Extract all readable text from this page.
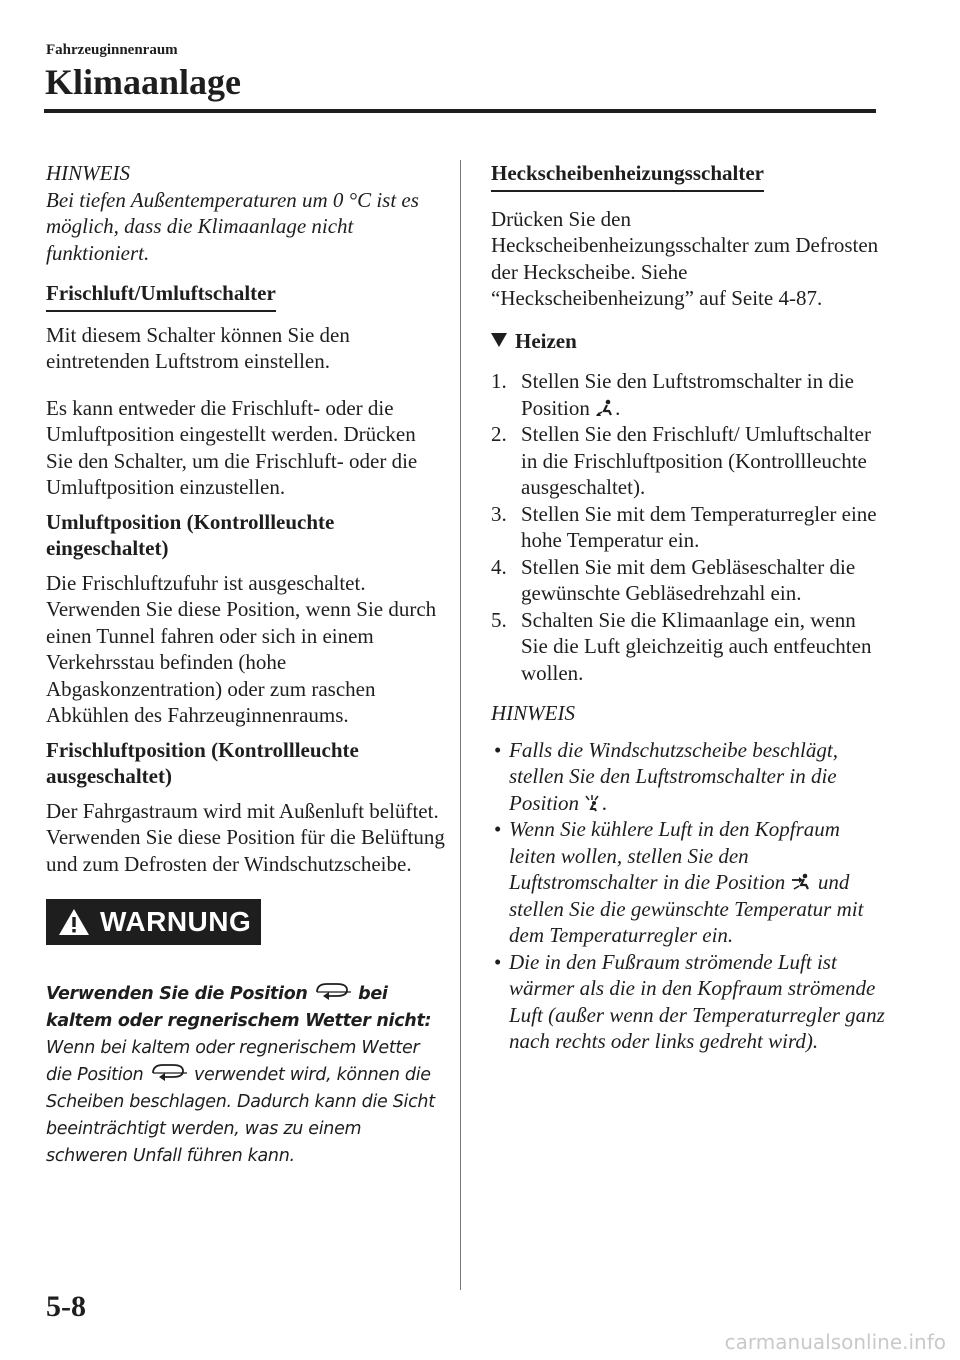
Fahrzeuginnenraum
Klimaanlage

HINWEIS

Bei tiefen Außentemperaturen um 0 °C ist es möglich, dass die Klimaanlage nicht funktioniert.

Frischluft/Umluftschalter

Mit diesem Schalter können Sie den eintretenden Luftstrom einstellen.

Es kann entweder die Frischluft- oder die Umluftposition eingestellt werden. Drücken Sie den Schalter, um die Frischluft- oder die Umluftposition einzustellen.

Umluftposition (Kontrollleuchte eingeschaltet)

Die Frischluftzufuhr ist ausgeschaltet. Verwenden Sie diese Position, wenn Sie durch einen Tunnel fahren oder sich in einem Verkehrsstau befinden (hohe Abgaskonzentration) oder zum raschen Abkühlen des Fahrzeuginnenraums.

Frischluftposition (Kontrollleuchte ausgeschaltet)

Der Fahrgastraum wird mit Außenluft belüftet. Verwenden Sie diese Position für die Belüftung und zum Defrosten der Windschutzscheibe.

WARNUNG
Verwenden Sie die Position	bei kaltem oder regnerischem Wetter nicht:
Wenn bei kaltem oder regnerischem Wetter die Position	verwendet wird, können die Scheiben beschlagen. Dadurch kann die Sicht beeinträchtigt werden, was zu einem schweren Unfall führen kann.
Heckscheibenheizungsschalter

Drücken Sie den Heckscheibenheizungsschalter zum Defrosten der Heckscheibe. Siehe “Heckscheibenheizung” auf Seite 4-87.

Heizen

1. Stellen Sie den Luftstromschalter in die Position .
2. Stellen Sie den Frischluft/ Umluftschalter in die Frischluftposition (Kontrollleuchte ausgeschaltet).
3. Stellen Sie mit dem Temperaturregler eine hohe Temperatur ein.
4. Stellen Sie mit dem Gebläseschalter die gewünschte Gebläsedrehzahl ein.
5. Schalten Sie die Klimaanlage ein, wenn Sie die Luft gleichzeitig auch entfeuchten wollen.

HINWEIS

• Falls die Windschutzscheibe beschlägt, stellen Sie den Luftstromschalter in die Position .
• Wenn Sie kühlere Luft in den Kopfraum leiten wollen, stellen Sie den Luftstromschalter in die Position und stellen Sie die gewünschte Temperatur mit dem Temperaturregler ein.
• Die in den Fußraum strömende Luft ist wärmer als die in den Kopfraum strömende Luft (außer wenn der Temperaturregler ganz nach rechts oder links gedreht wird).
5-8
carmanualsonline.info
